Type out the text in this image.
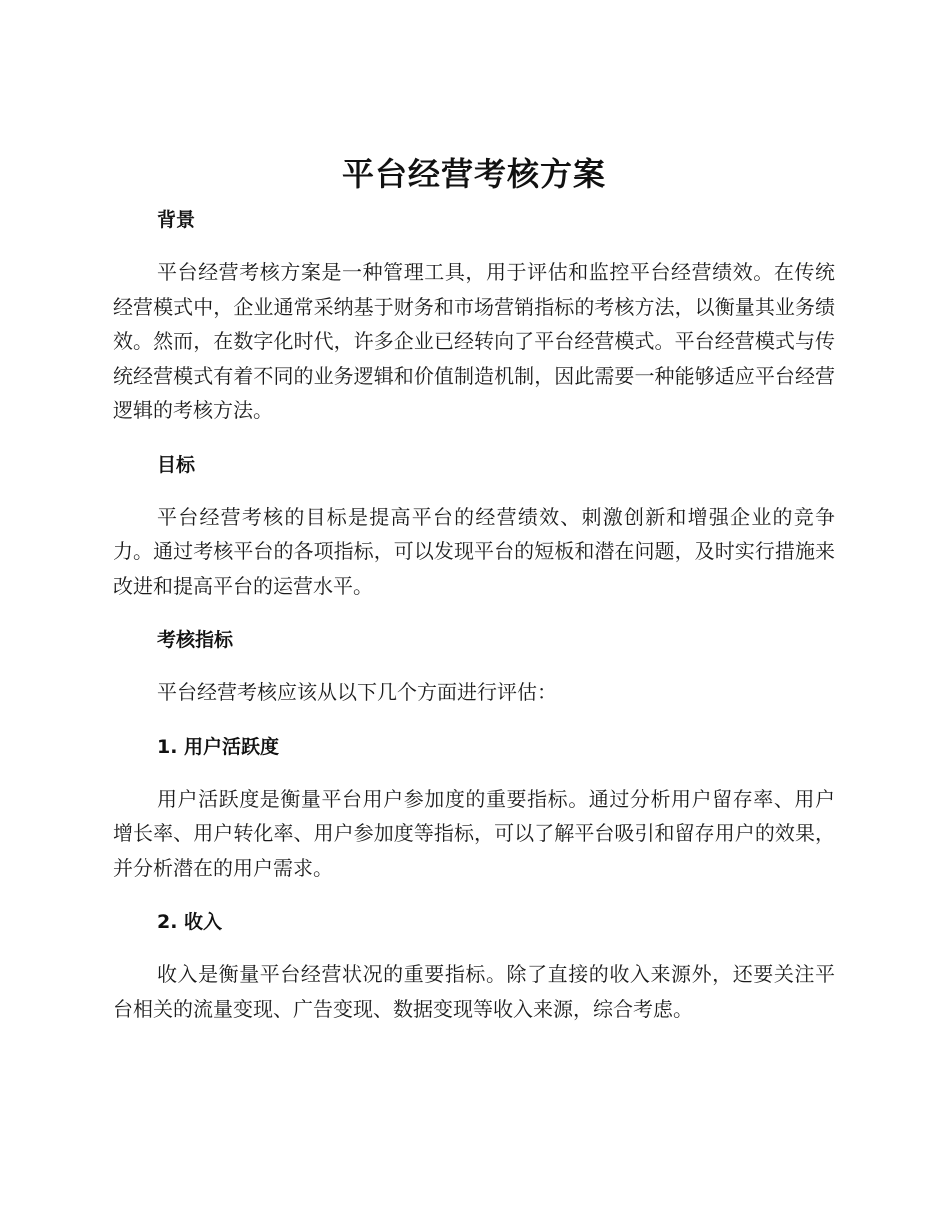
平台经营考核方案
背景

平台经营考核方案是一种管理工具，用于评估和监控平台经营绩效。在传统经营模式中，企业通常采纳基于财务和市场营销指标的考核方法，以衡量其业务绩效。然而，在数字化时代，许多企业已经转向了平台经营模式。平台经营模式与传统经营模式有着不同的业务逻辑和价值制造机制，因此需要一种能够适应平台经营逻辑的考核方法。

目标

平台经营考核的目标是提高平台的经营绩效、刺激创新和增强企业的竞争力。通过考核平台的各项指标，可以发现平台的短板和潜在问题，及时实行措施来改进和提高平台的运营水平。

考核指标

平台经营考核应该从以下几个方面进行评估：

1. 用户活跃度

用户活跃度是衡量平台用户参加度的重要指标。通过分析用户留存率、用户增长率、用户转化率、用户参加度等指标，可以了解平台吸引和留存用户的效果，并分析潜在的用户需求。

2. 收入

收入是衡量平台经营状况的重要指标。除了直接的收入来源外，还要关注平台相关的流量变现、广告变现、数据变现等收入来源，综合考虑。
